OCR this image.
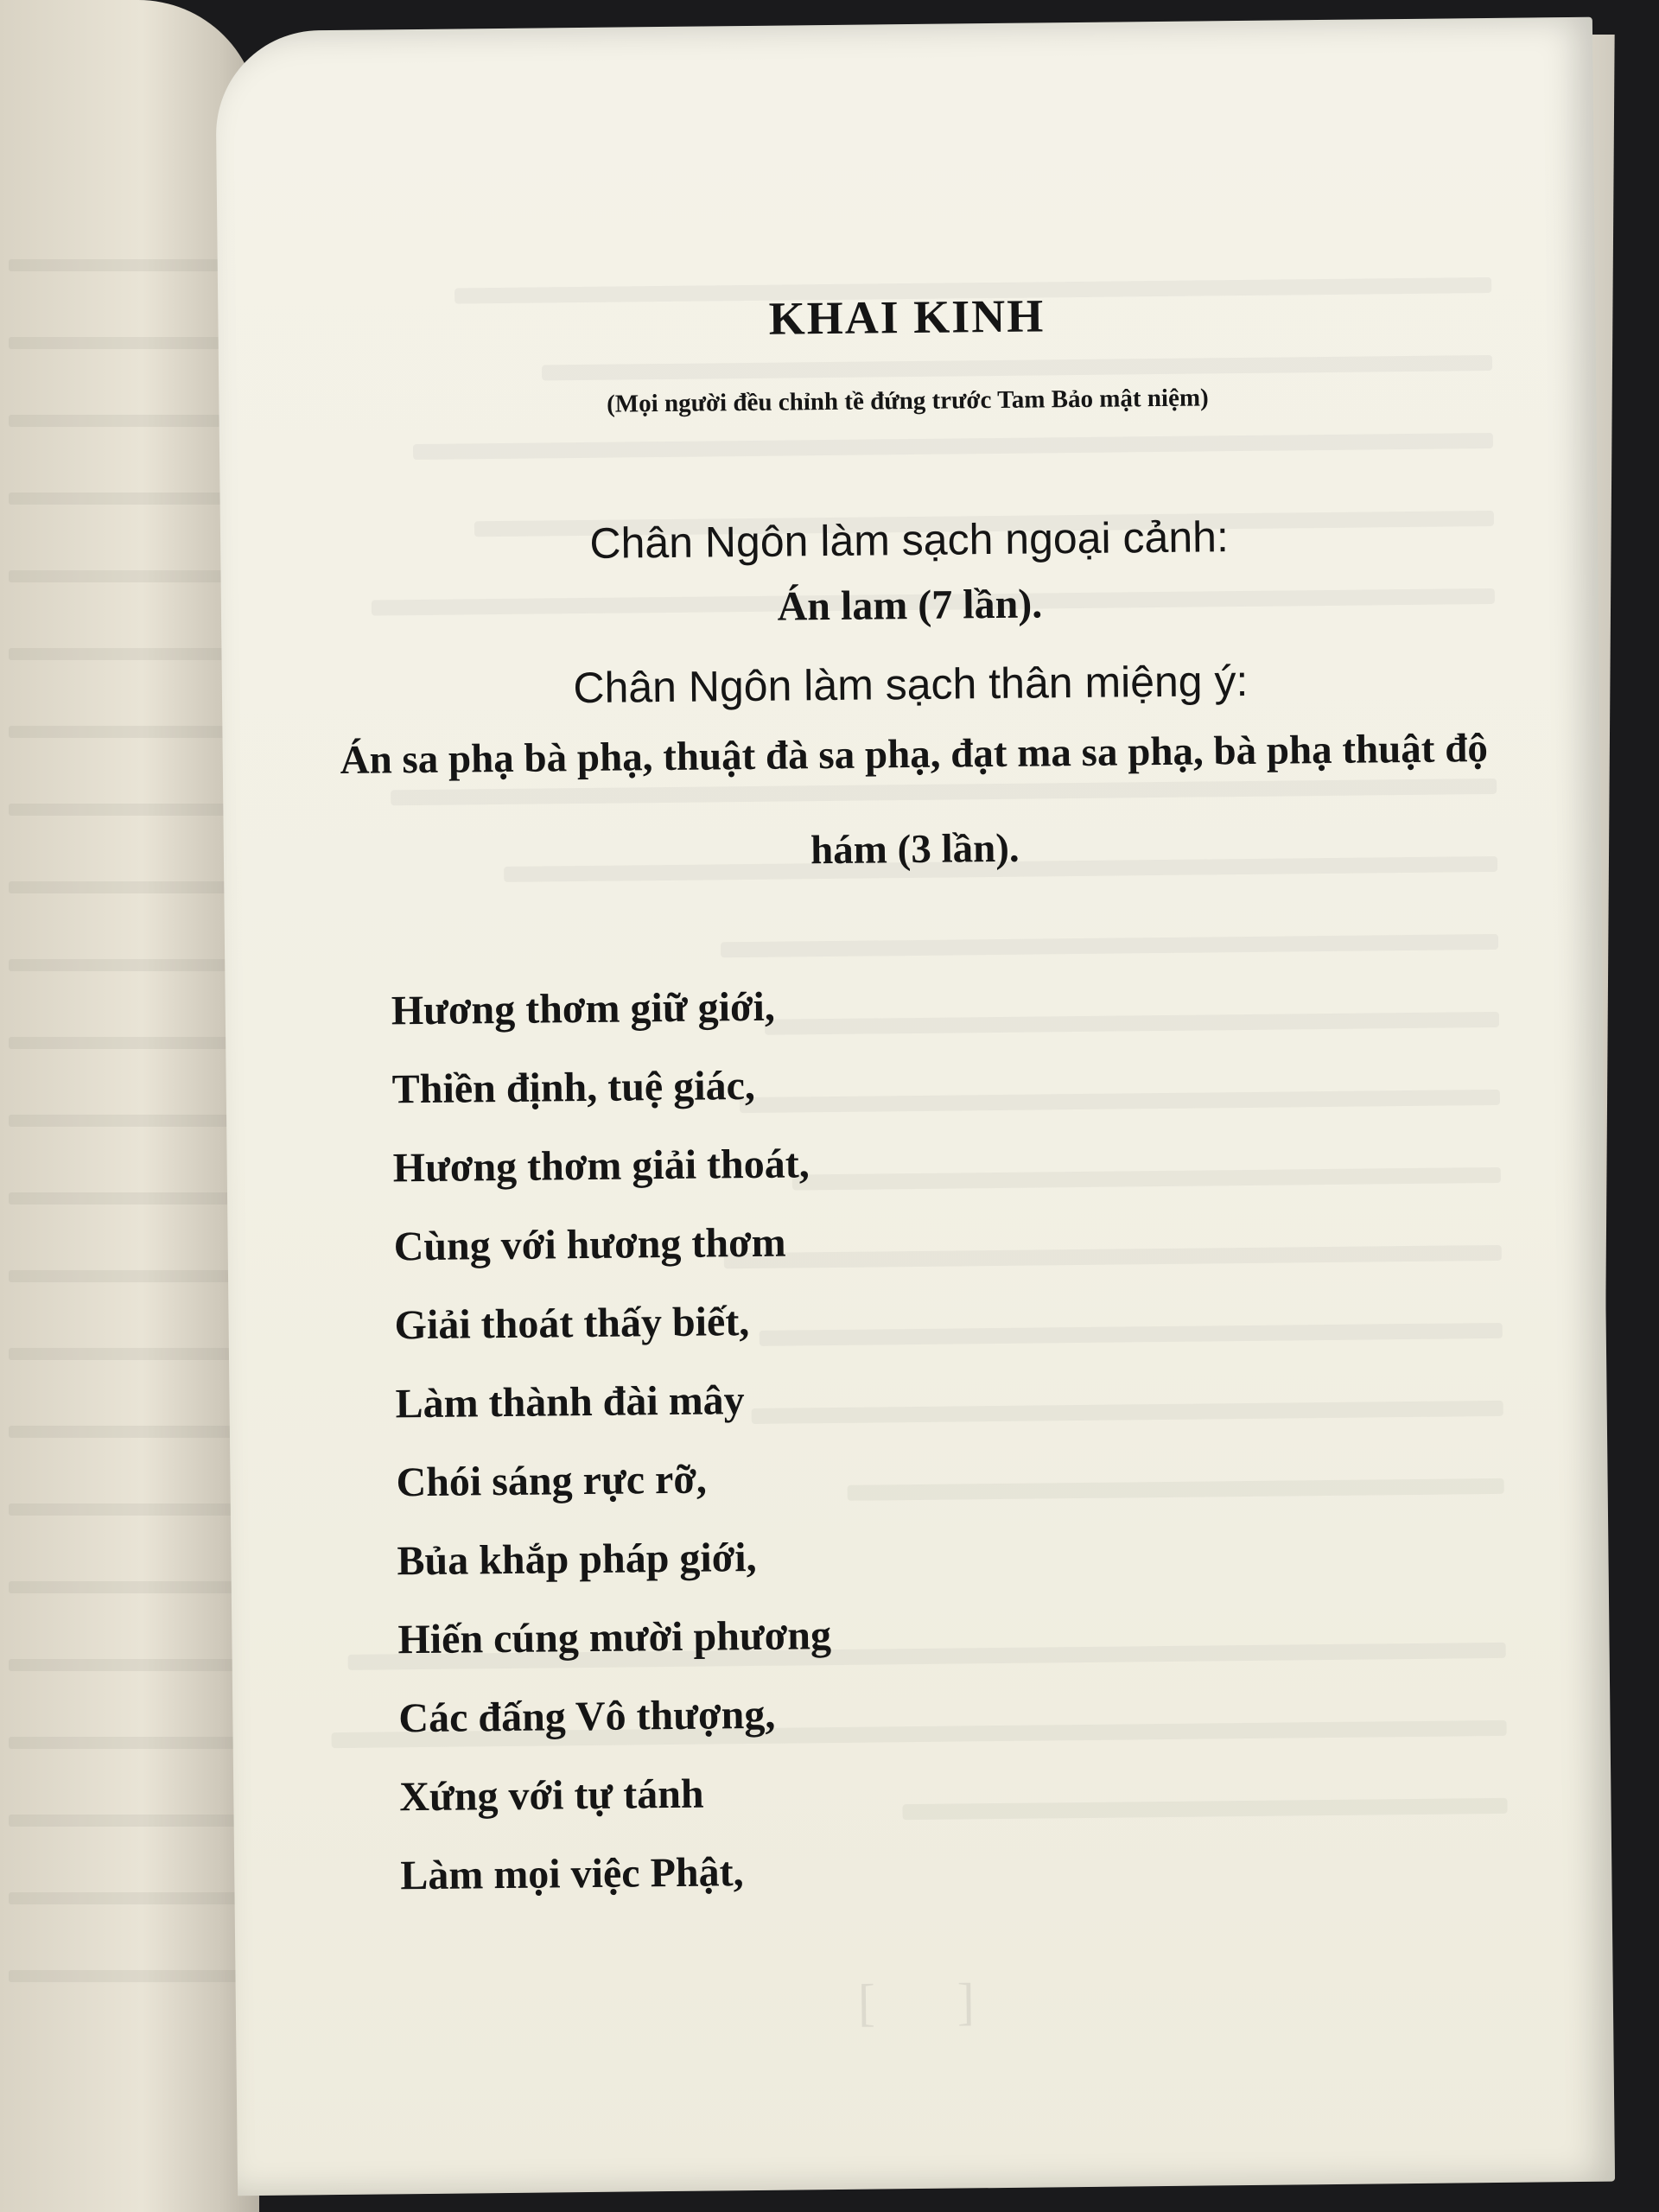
[ ]
KHAI KINH
(Mọi người đều chỉnh tề đứng trước Tam Bảo mật niệm)
Chân Ngôn làm sạch ngoại cảnh:
Án lam (7 lần).
Chân Ngôn làm sạch thân miệng ý:
Án sa phạ bà phạ, thuật đà sa phạ, đạt ma sa phạ, bà phạ thuật độ hám (3 lần).
Hương thơm giữ giới,
Thiền định, tuệ giác,
Hương thơm giải thoát,
Cùng với hương thơm
Giải thoát thấy biết,
Làm thành đài mây
Chói sáng rực rỡ,
Bủa khắp pháp giới,
Hiến cúng mười phương
Các đấng Vô thượng,
Xứng với tự tánh
Làm mọi việc Phật,
